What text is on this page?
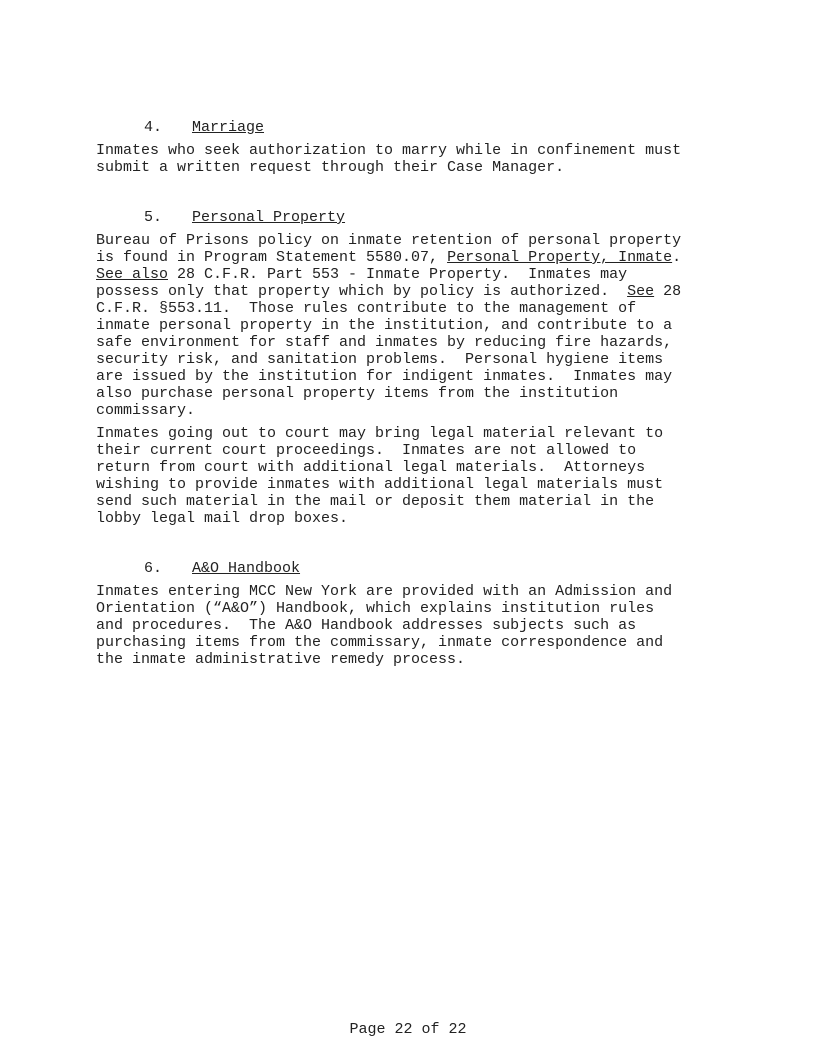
4. Marriage

Inmates who seek authorization to marry while in confinement must
submit a written request through their Case Manager.

5. Personal Property

Bureau of Prisons policy on inmate retention of personal property
is found in Program Statement 5580.07, Personal Property, Inmate.
See also 28 C.F.R. Part 553 - Inmate Property.  Inmates may
possess only that property which by policy is authorized.  See 28
C.F.R. §553.11.  Those rules contribute to the management of
inmate personal property in the institution, and contribute to a
safe environment for staff and inmates by reducing fire hazards,
security risk, and sanitation problems.  Personal hygiene items
are issued by the institution for indigent inmates.  Inmates may
also purchase personal property items from the institution
commissary.

Inmates going out to court may bring legal material relevant to
their current court proceedings.  Inmates are not allowed to
return from court with additional legal materials.  Attorneys
wishing to provide inmates with additional legal materials must
send such material in the mail or deposit them material in the
lobby legal mail drop boxes.

6. A&O Handbook

Inmates entering MCC New York are provided with an Admission and
Orientation (“A&O”) Handbook, which explains institution rules
and procedures.  The A&O Handbook addresses subjects such as
purchasing items from the commissary, inmate correspondence and
the inmate administrative remedy process.

Page 22 of 22
